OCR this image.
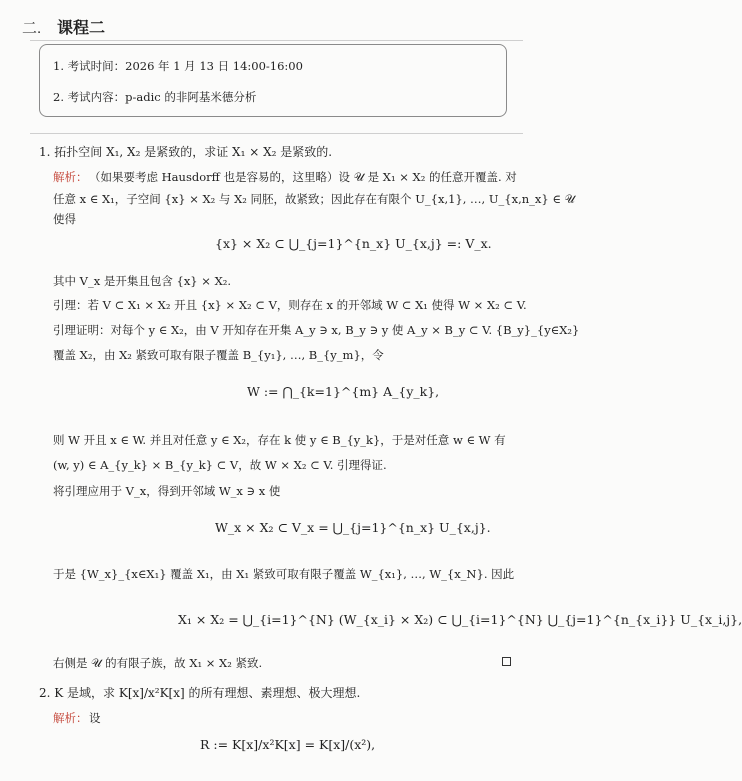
二. 课程二
1. 考试时间：2026 年 1 月 13 日 14:00-16:00
2. 考试内容：p-adic 的非阿基米德分析
1. 拓扑空间 X₁, X₂ 是紧致的，求证 X₁ × X₂ 是紧致的.
解析： （如果要考虑 Hausdorff 也是容易的，这里略）设 𝒰 是 X₁ × X₂ 的任意开覆盖. 对
任意 x ∈ X₁，子空间 {x} × X₂ 与 X₂ 同胚，故紧致；因此存在有限个 U_{x,1}, …, U_{x,n_x} ∈ 𝒰
使得
{x} × X₂ ⊂ ⋃_{j=1}^{n_x} U_{x,j} =: V_x.
其中 V_x 是开集且包含 {x} × X₂.
引理：若 V ⊂ X₁ × X₂ 开且 {x} × X₂ ⊂ V，则存在 x 的开邻域 W ⊂ X₁ 使得 W × X₂ ⊂ V.
引理证明：对每个 y ∈ X₂，由 V 开知存在开集 A_y ∋ x, B_y ∋ y 使 A_y × B_y ⊂ V. {B_y}_{y∈X₂}
覆盖 X₂，由 X₂ 紧致可取有限子覆盖 B_{y₁}, …, B_{y_m}，令
W := ⋂_{k=1}^{m} A_{y_k},
则 W 开且 x ∈ W. 并且对任意 y ∈ X₂，存在 k 使 y ∈ B_{y_k}，于是对任意 w ∈ W 有
(w, y) ∈ A_{y_k} × B_{y_k} ⊂ V，故 W × X₂ ⊂ V. 引理得证.
将引理应用于 V_x，得到开邻域 W_x ∋ x 使
W_x × X₂ ⊂ V_x = ⋃_{j=1}^{n_x} U_{x,j}.
于是 {W_x}_{x∈X₁} 覆盖 X₁，由 X₁ 紧致可取有限子覆盖 W_{x₁}, …, W_{x_N}. 因此
X₁ × X₂ = ⋃_{i=1}^{N} (W_{x_i} × X₂) ⊂ ⋃_{i=1}^{N} ⋃_{j=1}^{n_{x_i}} U_{x_i,j},
右侧是 𝒰 的有限子族，故 X₁ × X₂ 紧致.
2. K 是域，求 K[x]/x²K[x] 的所有理想、素理想、极大理想.
解析： 设
R := K[x]/x²K[x] = K[x]/(x²),
